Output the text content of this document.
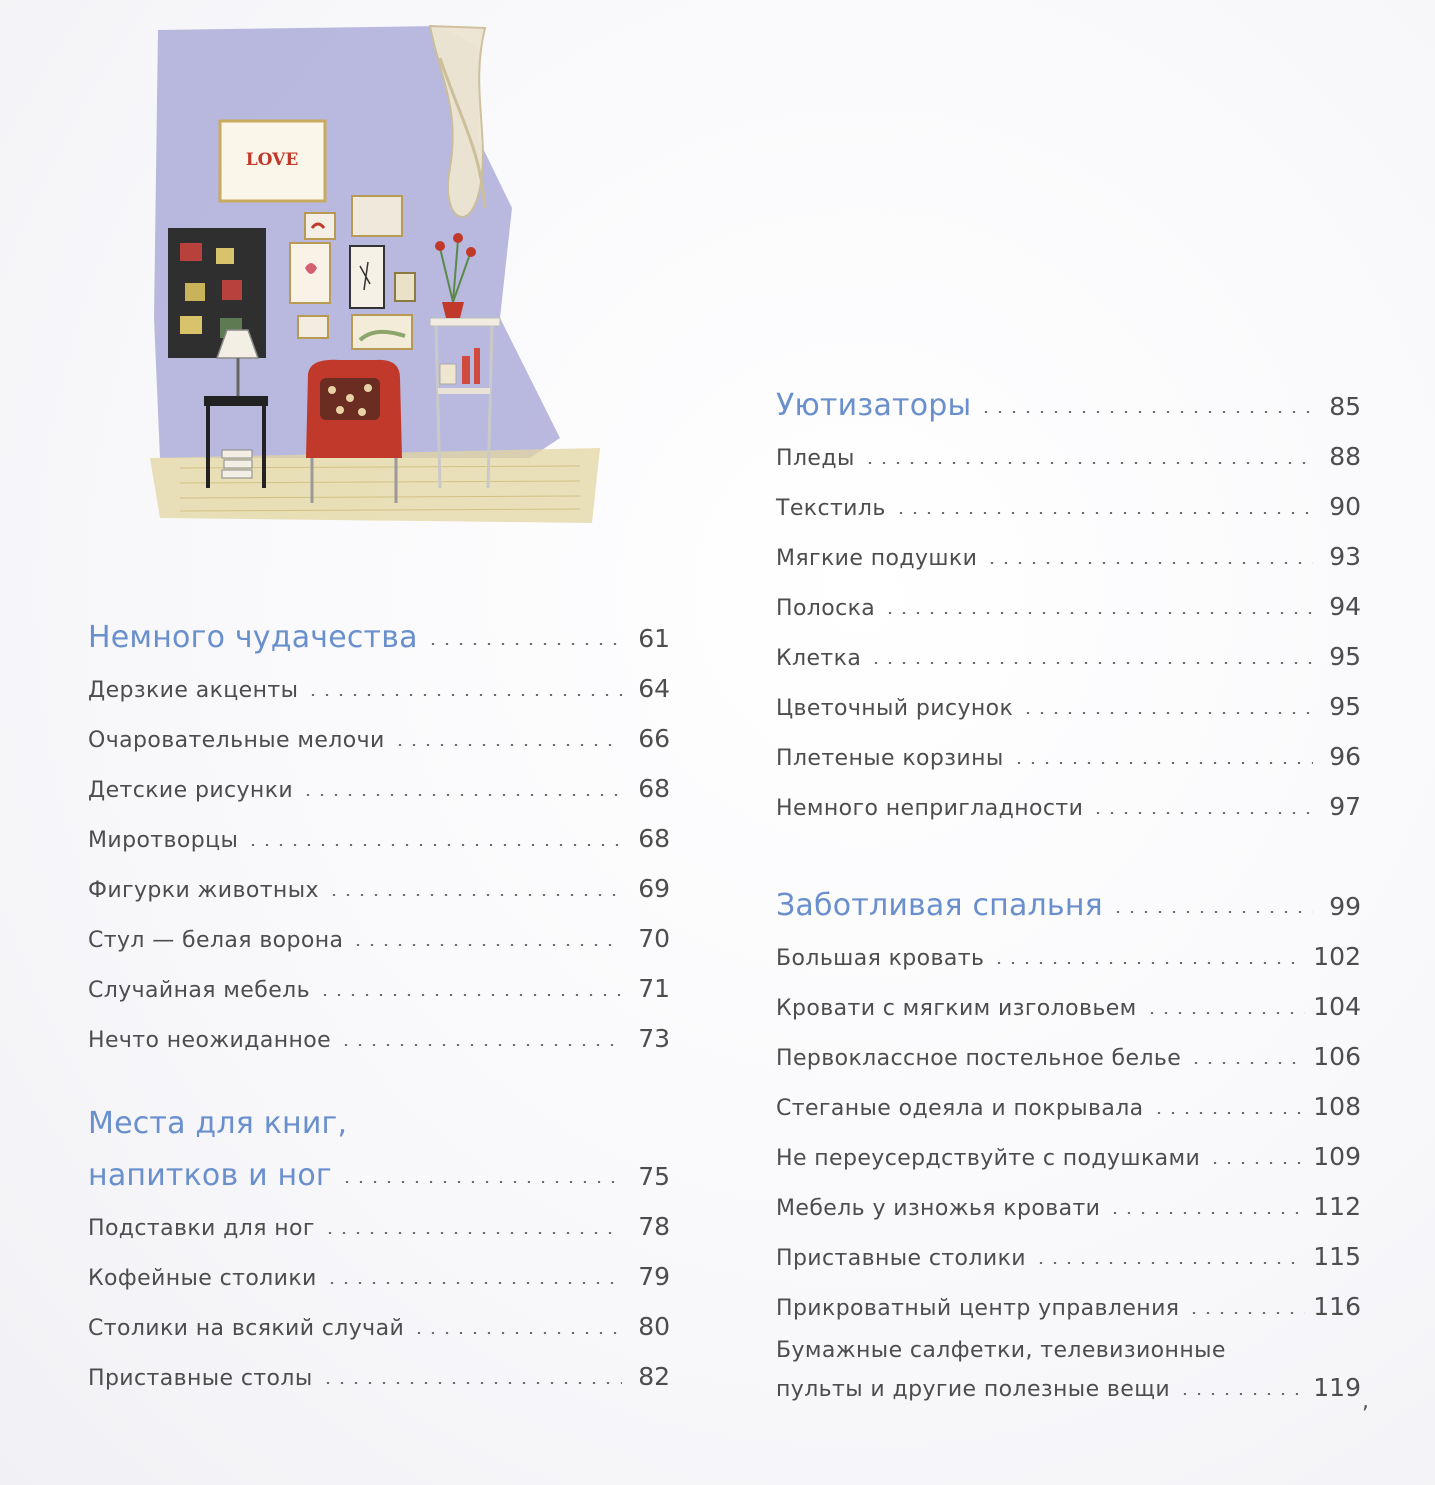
LOVE
Немного чудачества	61
Дерзкие акценты	64
Очаровательные мелочи	66
Детские рисунки	68
Миротворцы	68
Фигурки животных	69
Стул — белая ворона	70
Случайная мебель	71
Нечто неожиданное	73
Места для книг,
напитков и ног	75
Подставки для ног	78
Кофейные столики	79
Столики на всякий случай	80
Приставные столы	82
Уютизаторы	85
Пледы	88
Текстиль	90
Мягкие подушки	93
Полоска	94
Клетка	95
Цветочный рисунок	95
Плетеные корзины	96
Немного непригладности	97
Заботливая спальня	99
Большая кровать	102
Кровати с мягким изголовьем	104
Первоклассное постельное белье	106
Стеганые одеяла и покрывала	108
Не переусердствуйте с подушками	109
Мебель у изножья кровати	112
Приставные столики	115
Прикроватный центр управления	116
Бумажные салфетки, телевизионные
пульты и другие полезные вещи	119 ,
